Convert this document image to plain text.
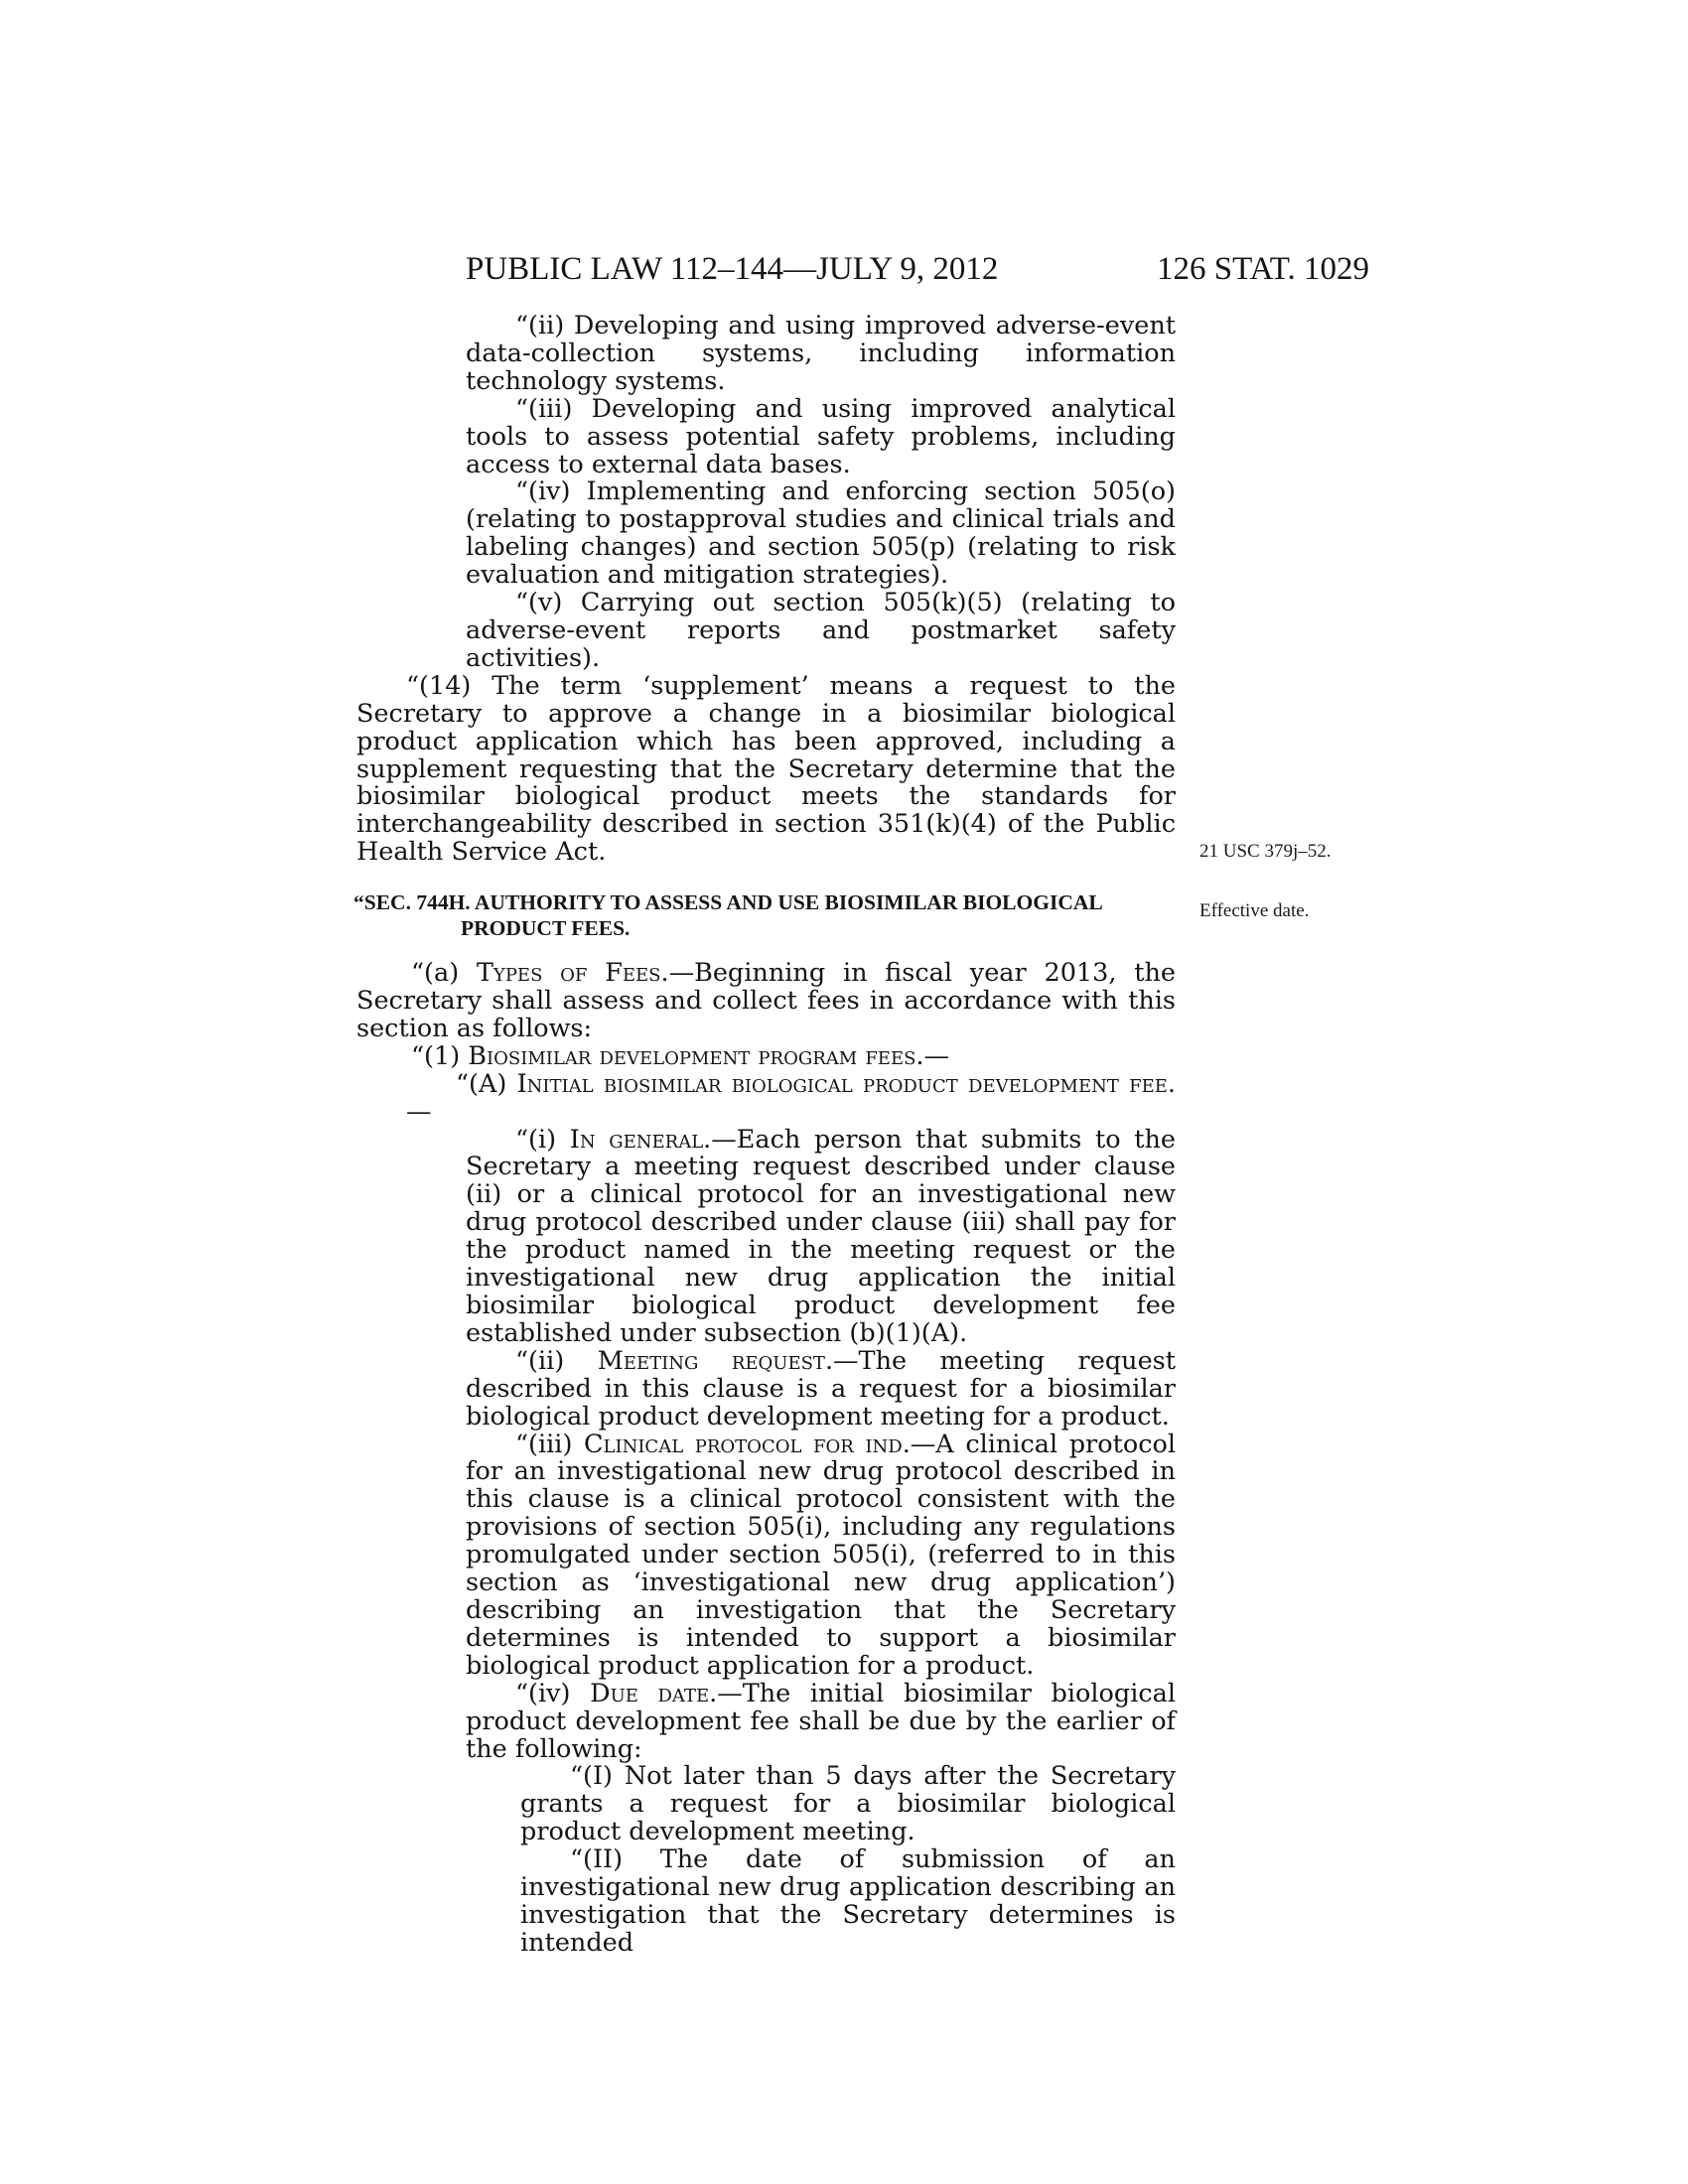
PUBLIC LAW 112–144—JULY 9, 2012	126 STAT. 1029
21 USC 379j–52.
Effective date.

“(ii) Developing and using improved adverse-event data-collection systems, including information technology systems.

“(iii) Developing and using improved analytical tools to assess potential safety problems, including access to external data bases.

“(iv) Implementing and enforcing section 505(o) (relating to postapproval studies and clinical trials and labeling changes) and section 505(p) (relating to risk evaluation and mitigation strategies).

“(v) Carrying out section 505(k)(5) (relating to adverse-event reports and postmarket safety activities).

“(14) The term ‘supplement’ means a request to the Secretary to approve a change in a biosimilar biological product application which has been approved, including a supplement requesting that the Secretary determine that the biosimilar biological product meets the standards for interchangeability described in section 351(k)(4) of the Public Health Service Act.

“SEC. 744H. AUTHORITY TO ASSESS AND USE BIOSIMILAR BIOLOGICAL PRODUCT FEES.

“(a) Types of Fees.—Beginning in fiscal year 2013, the Secretary shall assess and collect fees in accordance with this section as follows:

“(1) Biosimilar development program fees.—

“(A) Initial biosimilar biological product development fee.—

“(i) In general.—Each person that submits to the Secretary a meeting request described under clause (ii) or a clinical protocol for an investigational new drug protocol described under clause (iii) shall pay for the product named in the meeting request or the investigational new drug application the initial biosimilar biological product development fee established under subsection (b)(1)(A).

“(ii) Meeting request.—The meeting request described in this clause is a request for a biosimilar biological product development meeting for a product.

“(iii) Clinical protocol for ind.—A clinical protocol for an investigational new drug protocol described in this clause is a clinical protocol consistent with the provisions of section 505(i), including any regulations promulgated under section 505(i), (referred to in this section as ‘investigational new drug application’) describing an investigation that the Secretary determines is intended to support a biosimilar biological product application for a product.

“(iv) Due date.—The initial biosimilar biological product development fee shall be due by the earlier of the following:

“(I) Not later than 5 days after the Secretary grants a request for a biosimilar biological product development meeting.

“(II) The date of submission of an investigational new drug application describing an investigation that the Secretary determines is intended
